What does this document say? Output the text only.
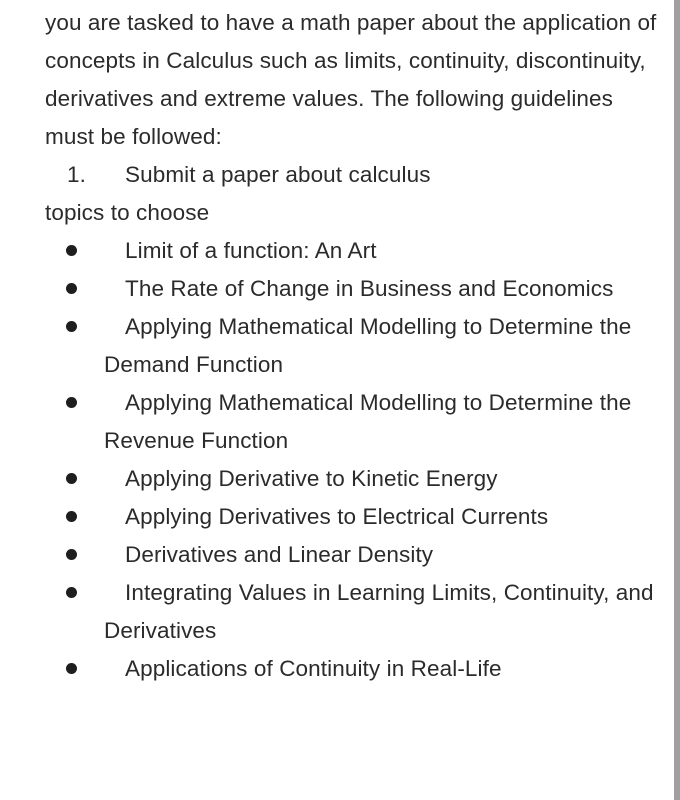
you are tasked to have a math paper about the application of concepts in Calculus such as limits, continuity, discontinuity, derivatives and extreme values. The following guidelines must be followed:

1. Submit a paper about calculus

topics to choose

Limit of a function: An Art
The Rate of Change in Business and Economics
Applying Mathematical Modelling to Determine the Demand Function
Applying Mathematical Modelling to Determine the Revenue Function
Applying Derivative to Kinetic Energy
Applying Derivatives to Electrical Currents
Derivatives and Linear Density
Integrating Values in Learning Limits, Continuity, and Derivatives
Applications of Continuity in Real-Life
